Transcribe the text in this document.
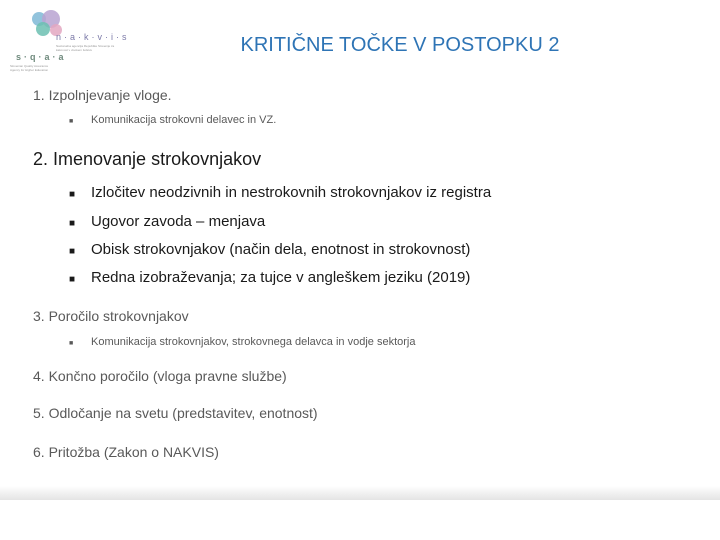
n·a·k·v·i·s
Nacionalna agencija Republike Slovenije za kakovost v visokem šolstvu
s·q·a·a
Slovenian Quality Assurance Agency for Higher Education
KRITIČNE TOČKE V POSTOPKU 2

1. Izpolnjevanje vloge.

■	Komunikacija strokovni delavec in VZ.

2. Imenovanje strokovnjakov

■	Izločitev neodzivnih in nestrokovnih strokovnjakov iz registra

■	Ugovor zavoda – menjava

■	Obisk strokovnjakov (način dela, enotnost in strokovnost)

■	Redna izobraževanja; za tujce v angleškem jeziku (2019)

3. Poročilo strokovnjakov

■	Komunikacija strokovnjakov, strokovnega delavca in vodje sektorja

4. Končno poročilo (vloga pravne službe)

5. Odločanje na svetu (predstavitev, enotnost)

6. Pritožba (Zakon o NAKVIS)
